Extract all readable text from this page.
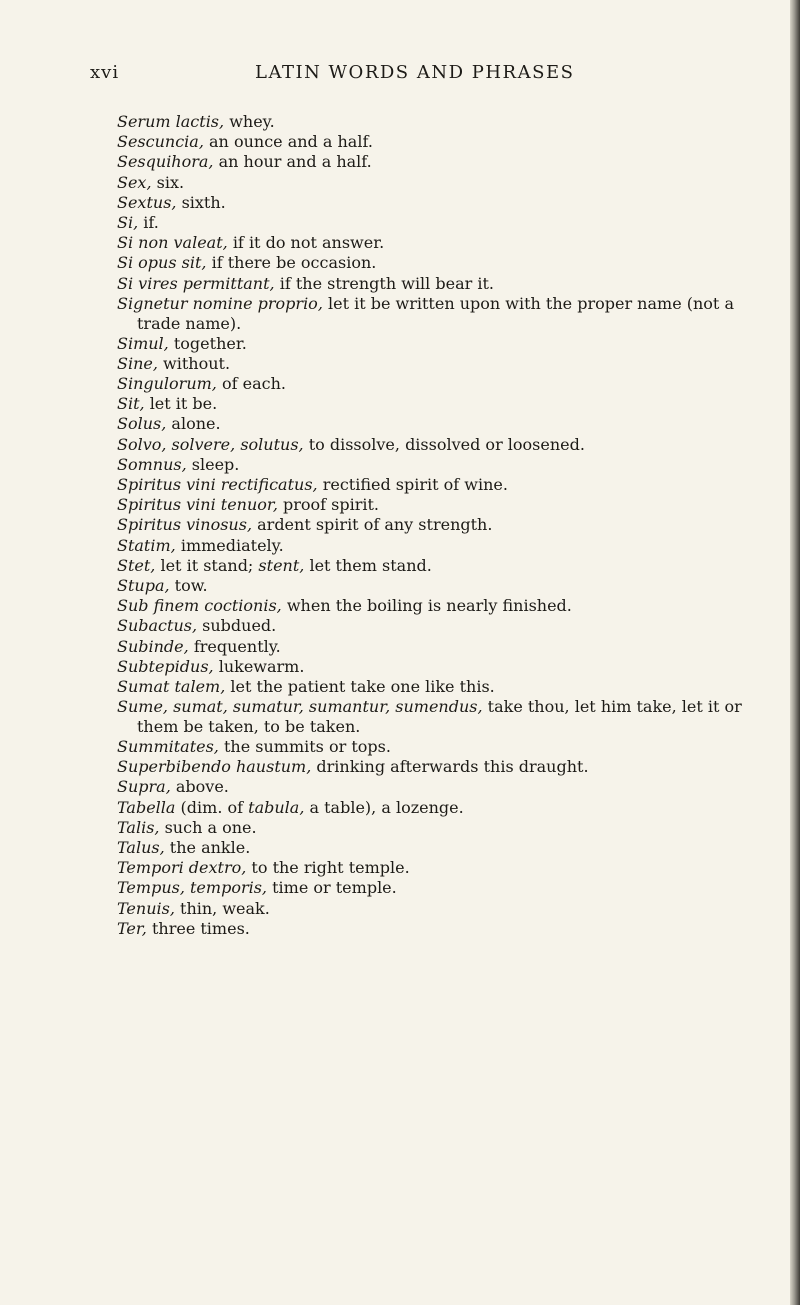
xvi	LATIN WORDS AND PHRASES
Serum lactis, whey.
Sescuncia, an ounce and a half.
Sesquihora, an hour and a half.
Sex, six.
Sextus, sixth.
Si, if.
Si non valeat, if it do not answer.
Si opus sit, if there be occasion.
Si vires permittant, if the strength will bear it.
Signetur nomine proprio, let it be written upon with the proper name (not a trade name).
Simul, together.
Sine, without.
Singulorum, of each.
Sit, let it be.
Solus, alone.
Solvo, solvere, solutus, to dissolve, dissolved or loosened.
Somnus, sleep.
Spiritus vini rectificatus, rectified spirit of wine.
Spiritus vini tenuor, proof spirit.
Spiritus vinosus, ardent spirit of any strength.
Statim, immediately.
Stet, let it stand; stent, let them stand.
Stupa, tow.
Sub finem coctionis, when the boiling is nearly finished.
Subactus, subdued.
Subinde, frequently.
Subtepidus, lukewarm.
Sumat talem, let the patient take one like this.
Sume, sumat, sumatur, sumantur, sumendus, take thou, let him take, let it or them be taken, to be taken.
Summitates, the summits or tops.
Superbibendo haustum, drinking afterwards this draught.
Supra, above.
Tabella (dim. of tabula, a table), a lozenge.
Talis, such a one.
Talus, the ankle.
Tempori dextro, to the right temple.
Tempus, temporis, time or temple.
Tenuis, thin, weak.
Ter, three times.
